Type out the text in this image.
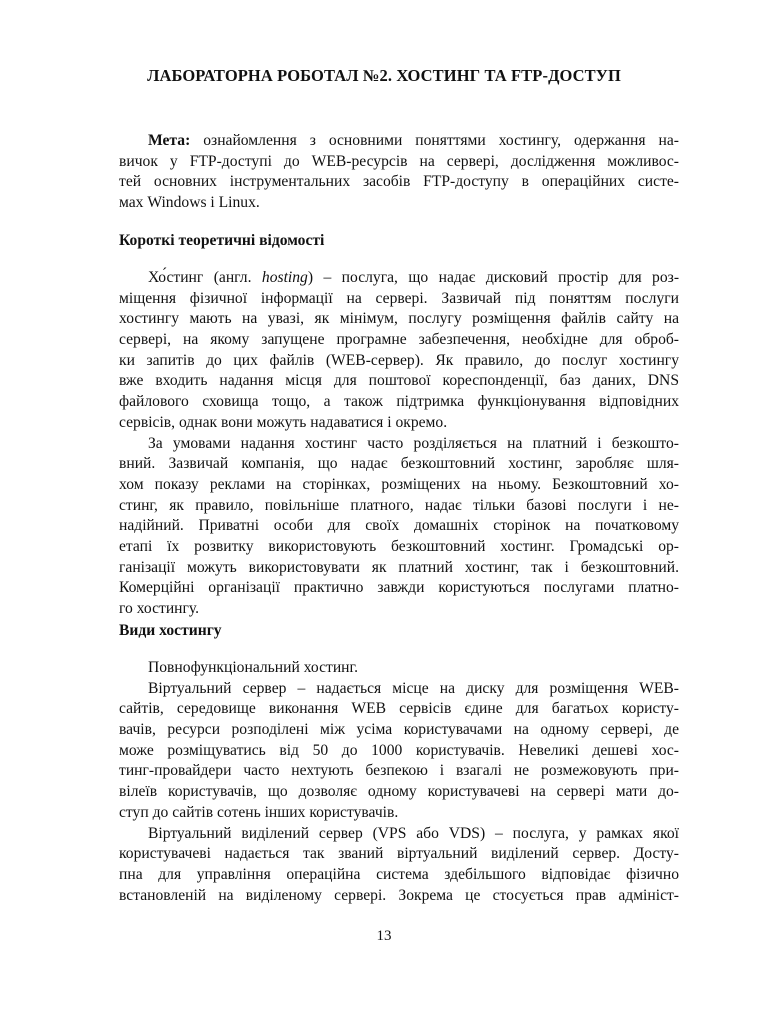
ЛАБОРАТОРНА РОБОТАЛ №2. ХОСТИНГ ТА FTP-ДОСТУП
Мета: ознайомлення з основними поняттями хостингу, одержання на-
вичок у FTP-доступі до WEB-ресурсів на сервері, дослідження можливос-
тей основних інструментальних засобів FTP-доступу в операційних систе-
мах Windows і Linux.
Короткі теоретичні відомості
Хо́стинг (англ. hosting) – послуга, що надає дисковий простір для роз-
міщення фізичної інформації на сервері. Зазвичай під поняттям послуги
хостингу мають на увазі, як мінімум, послугу розміщення файлів сайту на
сервері, на якому запущене програмне забезпечення, необхідне для оброб-
ки запитів до цих файлів (WEB-сервер). Як правило, до послуг хостингу
вже входить надання місця для поштової кореспонденції, баз даних, DNS
файлового сховища тощо, а також підтримка функціонування відповідних
сервісів, однак вони можуть надаватися і окремо.
За умовами надання хостинг часто розділяється на платний і безкошто-
вний. Зазвичай компанія, що надає безкоштовний хостинг, заробляє шля-
хом показу реклами на сторінках, розміщених на ньому. Безкоштовний хо-
стинг, як правило, повільніше платного, надає тільки базові послуги і не-
надійний. Приватні особи для своїх домашніх сторінок на початковому
етапі їх розвитку використовують безкоштовний хостинг. Громадські ор-
ганізації можуть використовувати як платний хостинг, так і безкоштовний.
Комерційні організації практично завжди користуються послугами платно-
го хостингу.
Види хостингу
Повнофункціональний хостинг.
Віртуальний сервер – надається місце на диску для розміщення WEB-
сайтів, середовище виконання WEB сервісів єдине для багатьох користу-
вачів, ресурси розподілені між усіма користувачами на одному сервері, де
може розміщуватись від 50 до 1000 користувачів. Невеликі дешеві хос-
тинг-провайдери часто нехтують безпекою і взагалі не розмежовують при-
вілеїв користувачів, що дозволяє одному користувачеві на сервері мати до-
ступ до сайтів сотень інших користувачів.
Віртуальний виділений сервер (VPS або VDS) – послуга, у рамках якої
користувачеві надається так званий віртуальний виділений сервер. Досту-
пна для управління операційна система здебільшого відповідає фізично
встановленій на виділеному сервері. Зокрема це стосується прав адмініст-
13
